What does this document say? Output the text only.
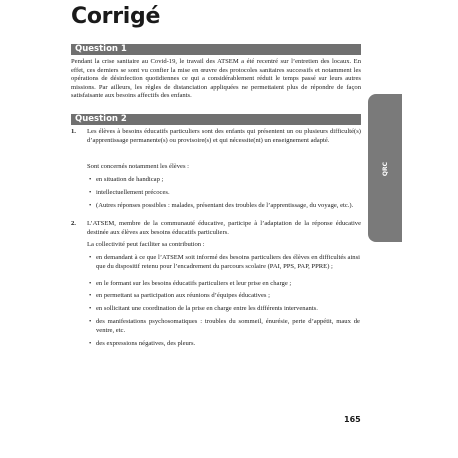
Corrigé
Question 1
Pendant la crise sanitaire au Covid-19, le travail des ATSEM a été recentré sur l’entretien des locaux. En effet, ces derniers se sont vu confier la mise en œuvre des protocoles sanitaires successifs et notamment les opérations de désinfection quotidiennes ce qui a considérablement réduit le temps passé sur leurs autres missions. Par ailleurs, les règles de distanciation appliquées ne permettaient plus de répondre de façon satisfaisante aux besoins affectifs des enfants.
Question 2
1. Les élèves à besoins éducatifs particuliers sont des enfants qui présentent un ou plusieurs difficulté(s) d’apprentissage permanente(s) ou provisoire(s) et qui nécessite(nt) un enseignement adapté.
Sont concernés notamment les élèves :
• en situation de handicap ;
• intellectuellement précoces.
• (Autres réponses possibles : malades, présentant des troubles de l’apprentissage, du voyage, etc.).
2. L’ATSEM, membre de la communauté éducative, participe à l’adaptation de la réponse éducative destinée aux élèves aux besoins éducatifs particuliers.
La collectivité peut faciliter sa contribution :
• en demandant à ce que l’ATSEM soit informé des besoins particuliers des élèves en difficultés ainsi que du dispositif retenu pour l’encadrement du parcours scolaire (PAI, PPS, PAP, PPRE) ;
• en le formant sur les besoins éducatifs particuliers et leur prise en charge ;
• en permettant sa participation aux réunions d’équipes éducatives ;
• en sollicitant une coordination de la prise en charge entre les différents intervenants.
• des manifestations psychosomatiques : troubles du sommeil, énurésie, perte d’appétit, maux de ventre, etc.
• des expressions négatives, des pleurs.
QRC
165
